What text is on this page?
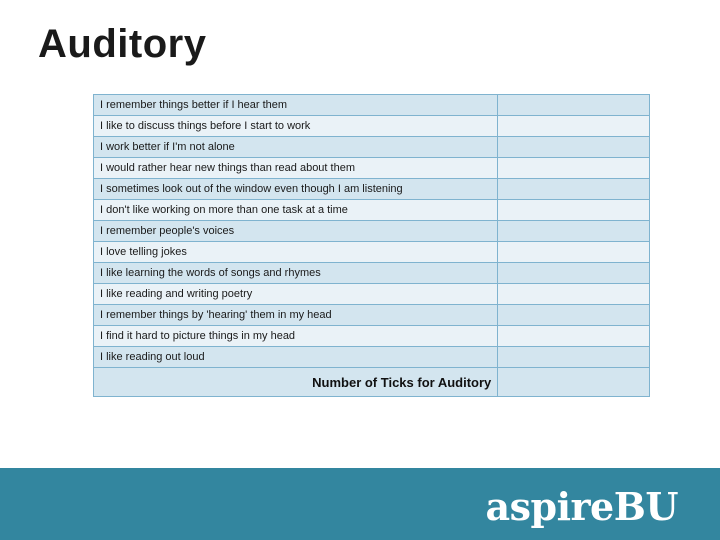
Auditory
I remember things better if I hear them	
I like to discuss things before I start to work	
I work better if I'm not alone	
I would rather hear new things than read about them	
I sometimes look out of the window even though I am listening	
I don't like working on more than one task at a time	
I remember people's voices	
I love telling jokes	
I like learning the words of songs and rhymes	
I like reading and writing poetry	
I remember things by 'hearing' them in my head	
I find it hard to picture things in my head	
I like reading out loud	
Number of Ticks for Auditory	
aspireBU
